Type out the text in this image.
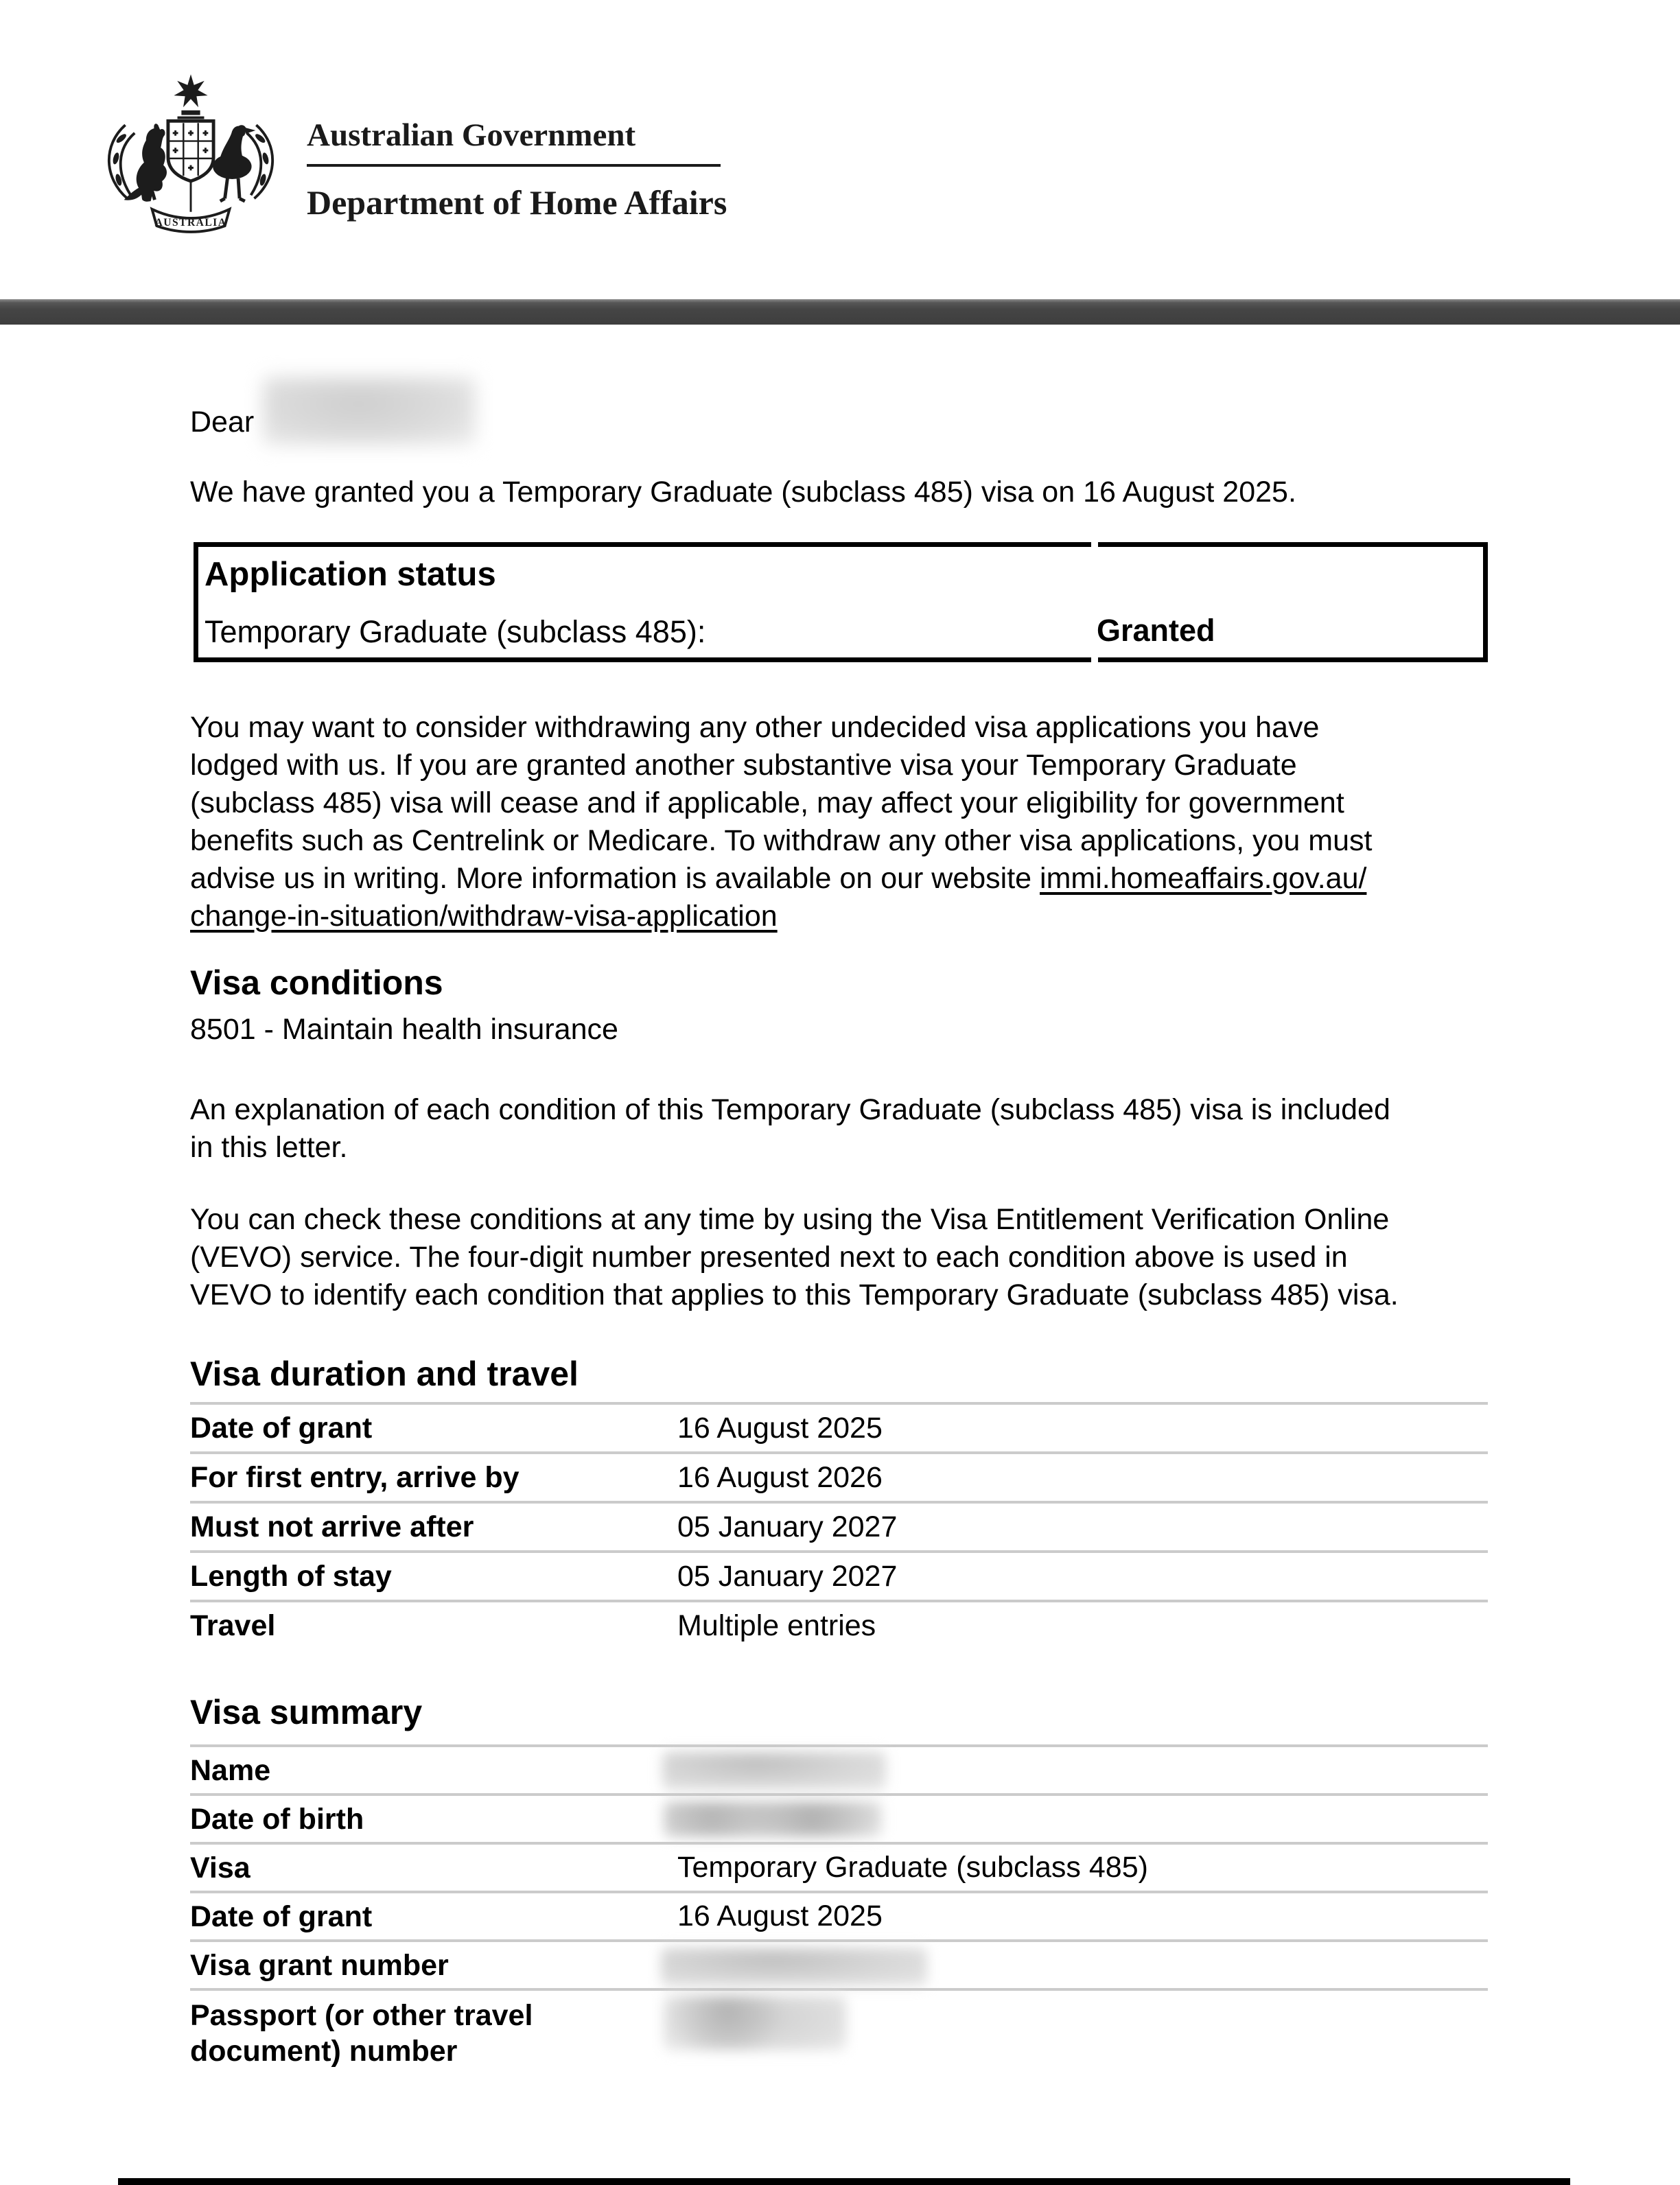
AUSTRALIA
Australian Government
Department of Home Affairs
Dear
We have granted you a Temporary Graduate (subclass 485) visa on 16 August 2025.
Application status
Temporary Graduate (subclass 485):	Granted
You may want to consider withdrawing any other undecided visa applications you have
lodged with us. If you are granted another substantive visa your Temporary Graduate
(subclass 485) visa will cease and if applicable, may affect your eligibility for government
benefits such as Centrelink or Medicare. To withdraw any other visa applications, you must
advise us in writing. More information is available on our website immi.homeaffairs.gov.au/
change-in-situation/withdraw-visa-application
Visa conditions
8501 - Maintain health insurance
An explanation of each condition of this Temporary Graduate (subclass 485) visa is included
in this letter.
You can check these conditions at any time by using the Visa Entitlement Verification Online
(VEVO) service. The four-digit number presented next to each condition above is used in
VEVO to identify each condition that applies to this Temporary Graduate (subclass 485) visa.
Visa duration and travel
Date of grant	16 August 2025
For first entry, arrive by	16 August 2026
Must not arrive after	05 January 2027
Length of stay	05 January 2027
Travel	Multiple entries
Visa summary
Name
Date of birth
Visa	Temporary Graduate (subclass 485)
Date of grant	16 August 2025
Visa grant number
Passport (or other travel document) number
